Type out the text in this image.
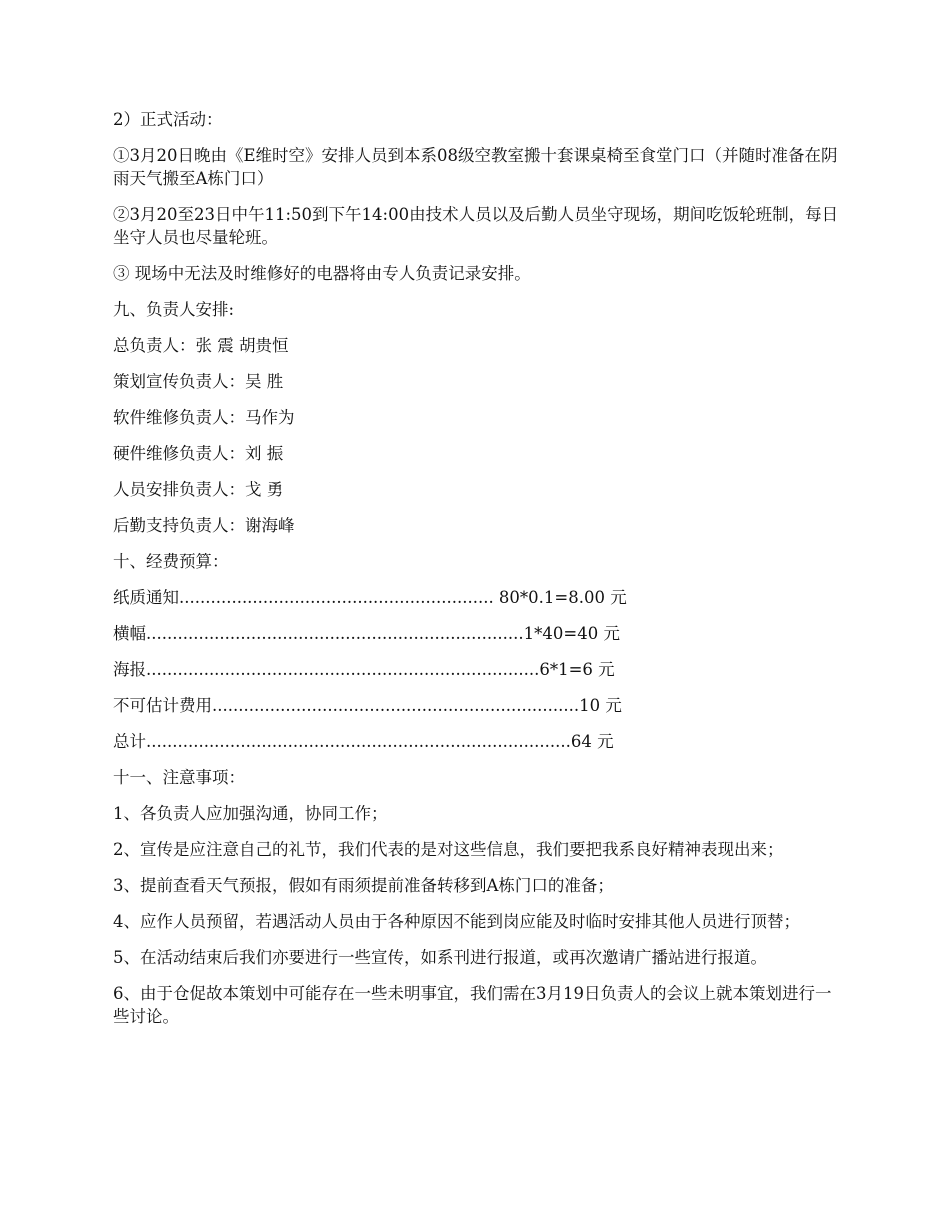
2）正式活动：

①3月20日晚由《E维时空》安排人员到本系08级空教室搬十套课桌椅至食堂门口（并随时准备在阴雨天气搬至A栋门口）

②3月20至23日中午11:50到下午14:00由技术人员以及后勤人员坐守现场，期间吃饭轮班制，每日坐守人员也尽量轮班。

③ 现场中无法及时维修好的电器将由专人负责记录安排。

九、负责人安排:

总负责人：张 震 胡贵恒

策划宣传负责人：吴 胜

软件维修负责人：马作为

硬件维修负责人：刘 振

人员安排负责人：戈 勇

后勤支持负责人：谢海峰

十、经费预算：

纸质通知............................................................ 80*0.1=8.00 元

横幅........................................................................1*40=40 元

海报...........................................................................6*1=6 元

不可估计费用......................................................................10 元

总计.................................................................................64 元

十一、注意事项：

1、各负责人应加强沟通，协同工作；

2、宣传是应注意自己的礼节，我们代表的是对这些信息，我们要把我系良好精神表现出来；

3、提前查看天气预报，假如有雨须提前准备转移到A栋门口的准备；

4、应作人员预留，若遇活动人员由于各种原因不能到岗应能及时临时安排其他人员进行顶替；

5、在活动结束后我们亦要进行一些宣传，如系刊进行报道，或再次邀请广播站进行报道。

6、由于仓促故本策划中可能存在一些未明事宜，我们需在3月19日负责人的会议上就本策划进行一些讨论。
